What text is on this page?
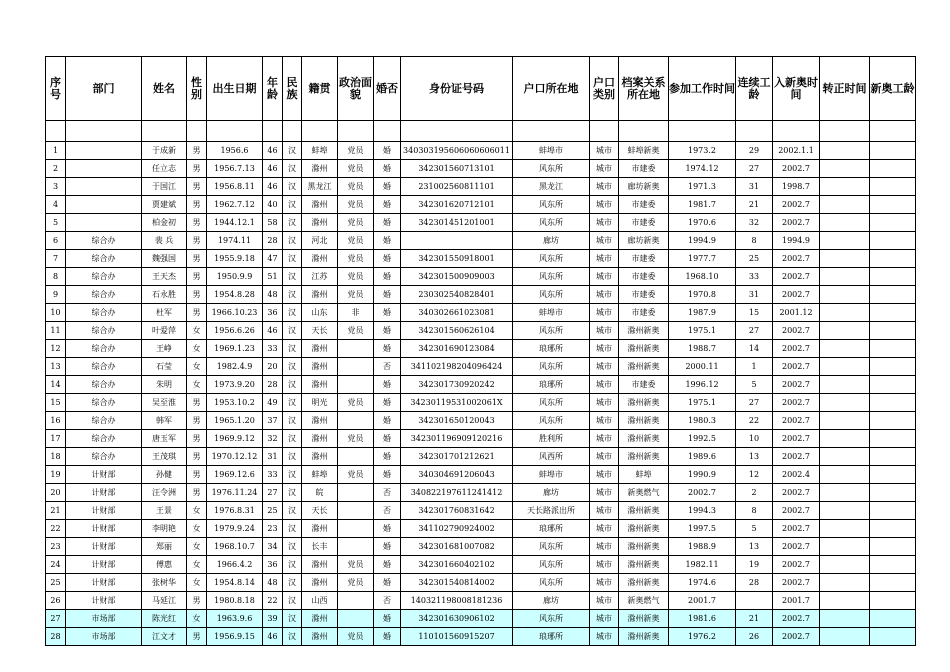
序号	部门	姓名	性别	出生日期	年龄	民族	籍贯	政治面貌	婚否	身份证号码	户口所在地	户口类别	档案关系所在地	参加工作时间	连续工龄	入新奥时间	转正时间	新奥工龄

1		于成新	男	1956.6	46	汉	蚌埠	党员	婚	340303195606060606011	蚌埠市	城市	蚌埠新奥	1973.2	29	2002.1.1		
2		任立志	男	1956.7.13	46	汉	滁州	党员	婚	342301560713101	风东所	城市	市建委	1974.12	27	2002.7		
3		于国江	男	1956.8.11	46	汉	黑龙江	党员	婚	231002560811101	黑龙江	城市	廊坊新奥	1971.3	31	1998.7		
4		贾建斌	男	1962.7.12	40	汉	滁州	党员	婚	342301620712101	风东所	城市	市建委	1981.7	21	2002.7		
5		柏金初	男	1944.12.1	58	汉	滁州	党员	婚	342301451201001	风东所	城市	市建委	1970.6	32	2002.7		
6	综合办	裴 兵	男	1974.11	28	汉	河北	党员	婚		廊坊	城市	廊坊新奥	1994.9	8	1994.9		
7	综合办	魏强国	男	1955.9.18	47	汉	滁州	党员	婚	342301550918001	风东所	城市	市建委	1977.7	25	2002.7		
8	综合办	王天杰	男	1950.9.9	51	汉	江苏	党员	婚	342301500909003	风东所	城市	市建委	1968.10	33	2002.7		
9	综合办	石永胜	男	1954.8.28	48	汉	滁州	党员	婚	230302540828401	风东所	城市	市建委	1970.8	31	2002.7		
10	综合办	杜军	男	1966.10.23	36	汉	山东	非	婚	340302661023081	蚌埠市	城市	市建委	1987.9	15	2001.12		
11	综合办	叶爱萍	女	1956.6.26	46	汉	天长	党员	婚	342301560626104	风东所	城市	滁州新奥	1975.1	27	2002.7		
12	综合办	王峥	女	1969.1.23	33	汉	滁州		婚	342301690123084	琅琊所	城市	滁州新奥	1988.7	14	2002.7		
13	综合办	石莹	女	1982.4.9	20	汉	滁州		否	341102198204096424	风东所	城市	滁州新奥	2000.11	1	2002.7		
14	综合办	朱明	女	1973.9.20	28	汉	滁州		婚	342301730920242	琅琊所	城市	市建委	1996.12	5	2002.7		
15	综合办	吴至淮	男	1953.10.2	49	汉	明光	党员	婚	34230119531002061X	风东所	城市	滁州新奥	1975.1	27	2002.7		
16	综合办	韩军	男	1965.1.20	37	汉	滁州		婚	342301650120043	风东所	城市	滁州新奥	1980.3	22	2002.7		
17	综合办	唐玉军	男	1969.9.12	32	汉	滁州	党员	婚	342301196909120216	胜利所	城市	滁州新奥	1992.5	10	2002.7		
18	综合办	王茂琪	男	1970.12.12	31	汉	滁州		婚	342301701212621	风西所	城市	滁州新奥	1989.6	13	2002.7		
19	计财部	孙健	男	1969.12.6	33	汉	蚌埠	党员	婚	340304691206043	蚌埠市	城市	蚌埠	1990.9	12	2002.4		
20	计财部	汪令洲	男	1976.11.24	27	汉	皖		否	340822197611241412	廊坊	城市	新奥燃气	2002.7	2	2002.7		
21	计财部	王景	女	1976.8.31	25	汉	天长		否	342301760831642	天长路派出所	城市	滁州新奥	1994.3	8	2002.7		
22	计财部	李明艳	女	1979.9.24	23	汉	滁州		婚	341102790924002	琅琊所	城市	滁州新奥	1997.5	5	2002.7		
23	计财部	郑丽	女	1968.10.7	34	汉	长丰		婚	342301681007082	风东所	城市	滁州新奥	1988.9	13	2002.7		
24	计财部	傅惠	女	1966.4.2	36	汉	滁州	党员	婚	342301660402102	风东所	城市	滁州新奥	1982.11	19	2002.7		
25	计财部	张树华	女	1954.8.14	48	汉	滁州	党员	婚	342301540814002	风东所	城市	滁州新奥	1974.6	28	2002.7		
26	计财部	马延江	男	1980.8.18	22	汉	山西		否	140321198008181236	廊坊	城市	新奥燃气	2001.7		2001.7		
27	市场部	陈光红	女	1963.9.6	39	汉	滁州		婚	342301630906102	风东所	城市	滁州新奥	1981.6	21	2002.7		
28	市场部	江文才	男	1956.9.15	46	汉	滁州	党员	婚	110101560915207	琅琊所	城市	滁州新奥	1976.2	26	2002.7		
